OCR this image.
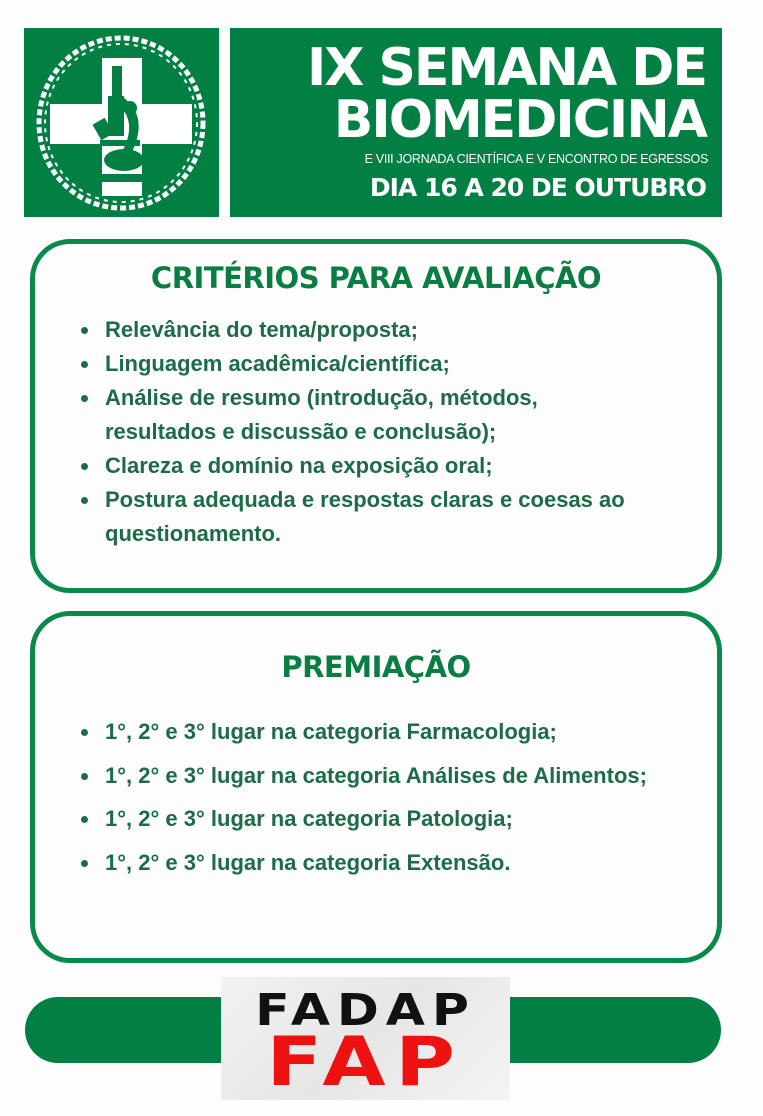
IX SEMANA DE
BIOMEDICINA
E VIII JORNADA CIENTÍFICA E V ENCONTRO DE EGRESSOS
DIA 16 A 20 DE OUTUBRO
CRITÉRIOS PARA AVALIAÇÃO
• Relevância do tema/proposta;
• Linguagem acadêmica/científica;
• Análise de resumo (introdução, métodos, resultados e discussão e conclusão);
• Clareza e domínio na exposição oral;
• Postura adequada e respostas claras e coesas ao questionamento.
PREMIAÇÃO
• 1°, 2° e 3° lugar na categoria Farmacologia;
• 1°, 2° e 3° lugar na categoria Análises de Alimentos;
• 1°, 2° e 3° lugar na categoria Patologia;
• 1°, 2° e 3° lugar na categoria Extensão.
FADAP
FAP
